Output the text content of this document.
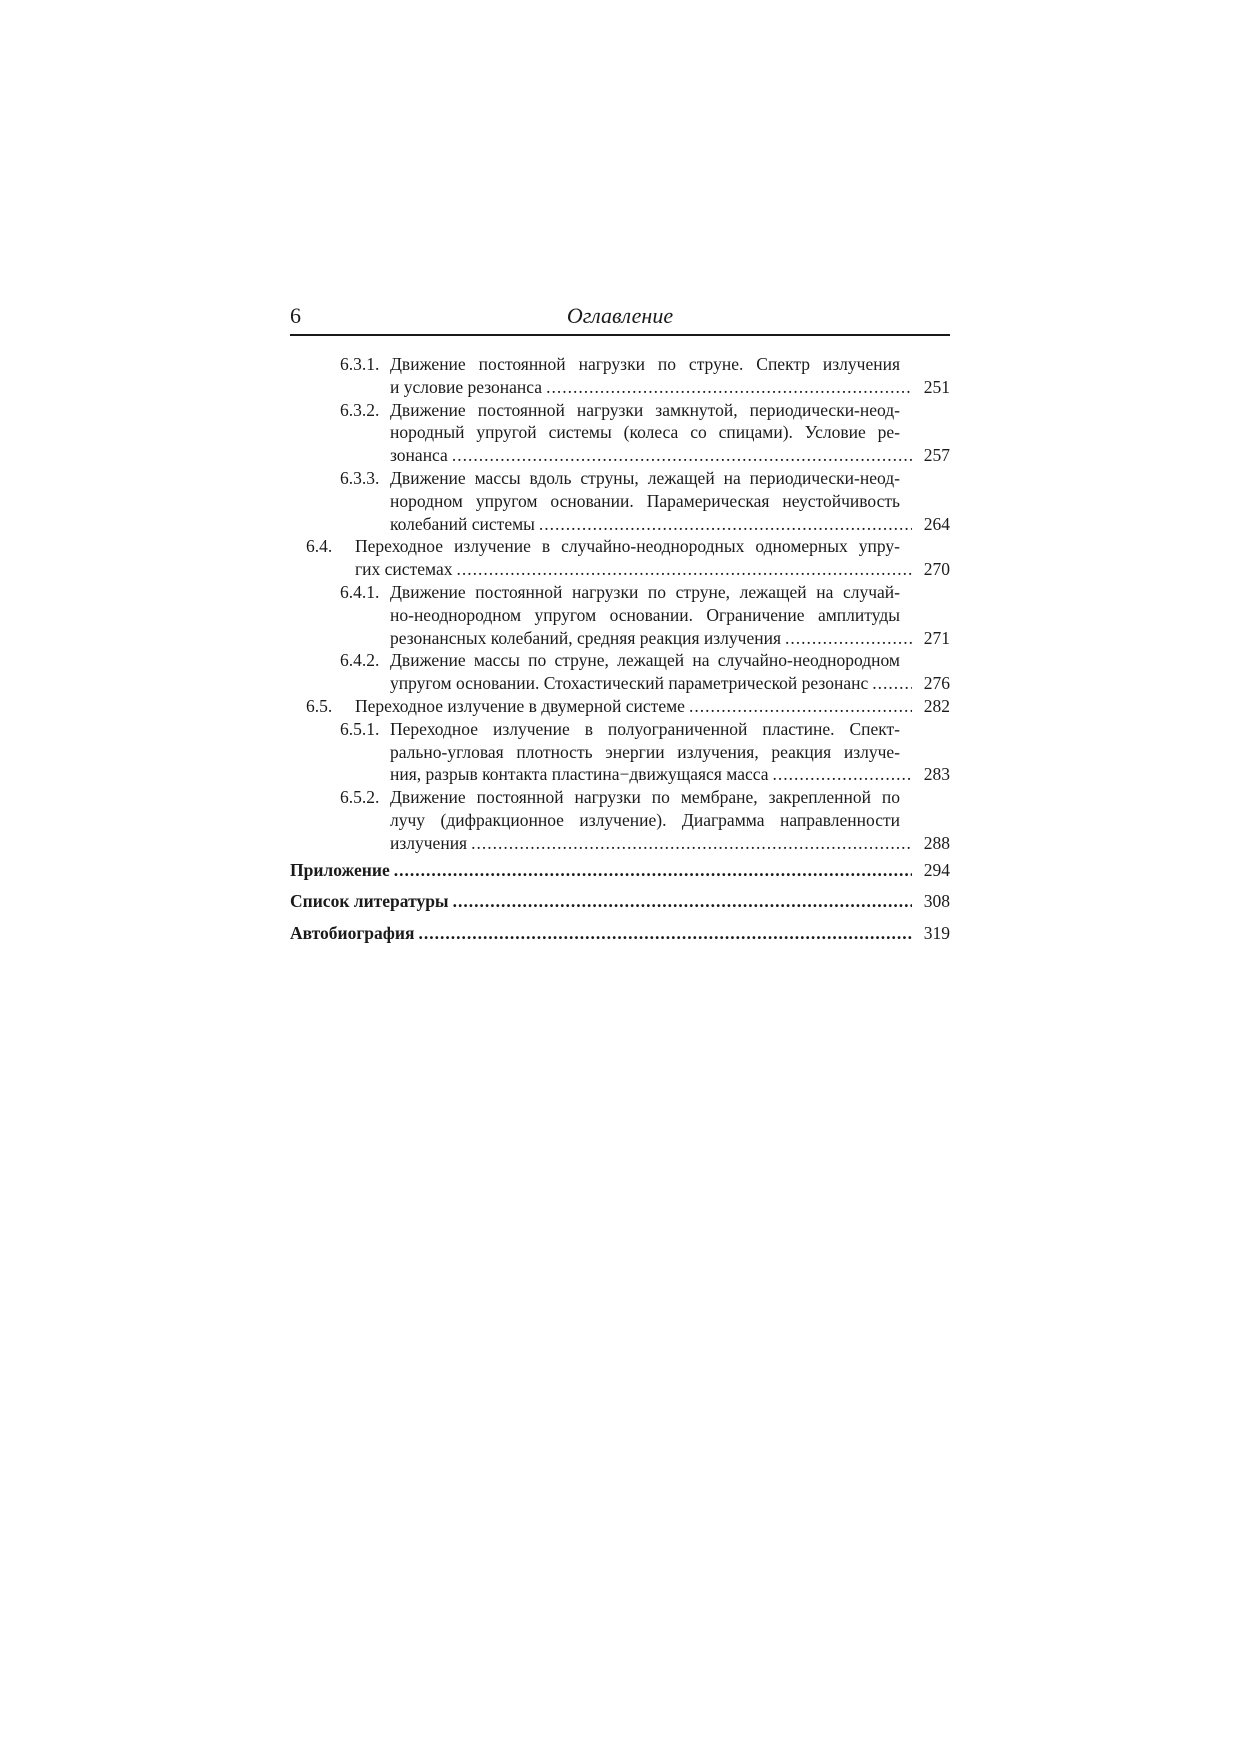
6	Оглавление
6.3.1. Движение постоянной нагрузки по струне. Спектр излучения
и условие резонанса .....	251
6.3.2. Движение постоянной нагрузки замкнутой, периодически-неод-
нородный упругой системы (колеса со спицами). Условие ре-
зонанса .....	257
6.3.3. Движение массы вдоль струны, лежащей на периодически-неод-
нородном упругом основании. Парамерическая неустойчивость
колебаний системы .....	264
6.4. Переходное излучение в случайно-неоднородных одномерных упру-
гих системах .....	270
6.4.1. Движение постоянной нагрузки по струне, лежащей на случай-
но-неоднородном упругом основании. Ограничение амплитуды
резонансных колебаний, средняя реакция излучения .....	271
6.4.2. Движение массы по струне, лежащей на случайно-неоднородном
упругом основании. Стохастический параметрической резонанс .....	276
6.5. Переходное излучение в двумерной системе .....	282
6.5.1. Переходное излучение в полуограниченной пластине. Спект-
рально-угловая плотность энергии излучения, реакция излуче-
ния, разрыв контакта пластина−движущаяся масса .....	283
6.5.2. Движение постоянной нагрузки по мембране, закрепленной по
лучу (дифракционное излучение). Диаграмма направленности
излучения .....	288
Приложение .....	294
Список литературы .....	308
Автобиография .....	319
